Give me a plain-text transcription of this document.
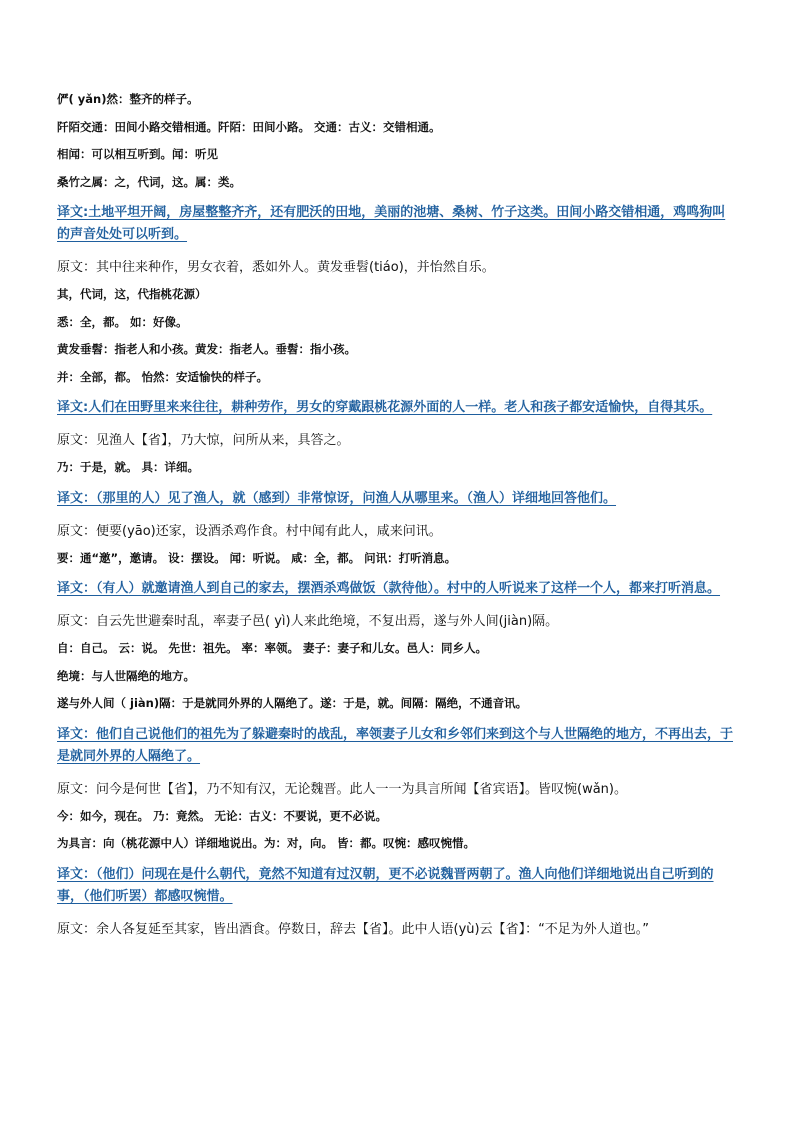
俨( yǎn)然：整齐的样子。
阡陌交通：田间小路交错相通。阡陌：田间小路。 交通：古义：交错相通。
相闻：可以相互听到。闻：听见
桑竹之属：之，代词，这。属：类。
译文:土地平坦开阔，房屋整整齐齐，还有肥沃的田地，美丽的池塘、桑树、竹子这类。田间小路交错相通，鸡鸣狗叫的声音处处可以听到。
原文：其中往来种作，男女衣着，悉如外人。黄发垂髫(tiáo)，并怡然自乐。
其，代词，这，代指桃花源）
悉：全，都。 如：好像。
黄发垂髫：指老人和小孩。黄发：指老人。垂髫：指小孩。
并：全部，都。 怡然：安适愉快的样子。
译文:人们在田野里来来往往，耕种劳作，男女的穿戴跟桃花源外面的人一样。老人和孩子都安适愉快，自得其乐。
原文：见渔人【省】，乃大惊，问所从来，具答之。
乃：于是，就。 具：详细。
译文：（那里的人）见了渔人，就（感到）非常惊讶，问渔人从哪里来。（渔人）详细地回答他们。
原文：便要(yāo)还家，设酒杀鸡作食。村中闻有此人，咸来问讯。
要：通“邀”，邀请。 设：摆设。 闻：听说。 咸：全，都。 问讯：打听消息。
译文：（有人）就邀请渔人到自己的家去，摆酒杀鸡做饭（款待他）。村中的人听说来了这样一个人，都来打听消息。
原文：自云先世避秦时乱，率妻子邑( yì)人来此绝境，不复出焉，遂与外人间(jiàn)隔。
自：自己。 云：说。 先世：祖先。 率：率领。 妻子：妻子和儿女。邑人：同乡人。
绝境：与人世隔绝的地方。
遂与外人间（ jiàn)隔：于是就同外界的人隔绝了。遂：于是，就。间隔：隔绝，不通音讯。
译文：他们自己说他们的祖先为了躲避秦时的战乱，率领妻子儿女和乡邻们来到这个与人世隔绝的地方，不再出去，于是就同外界的人隔绝了。
原文：问今是何世【省】，乃不知有汉，无论魏晋。此人一一为具言所闻【省宾语】。皆叹惋(wǎn)。
今：如今，现在。 乃：竟然。 无论：古义：不要说，更不必说。
为具言：向（桃花源中人）详细地说出。为：对，向。 皆：都。叹惋：感叹惋惜。
译文：（他们）问现在是什么朝代，竟然不知道有过汉朝，更不必说魏晋两朝了。渔人向他们详细地说出自己听到的事，（他们听罢）都感叹惋惜。
原文：余人各复延至其家，皆出酒食。停数日，辞去【省】。此中人语(yù)云【省】：“不足为外人道也。”
